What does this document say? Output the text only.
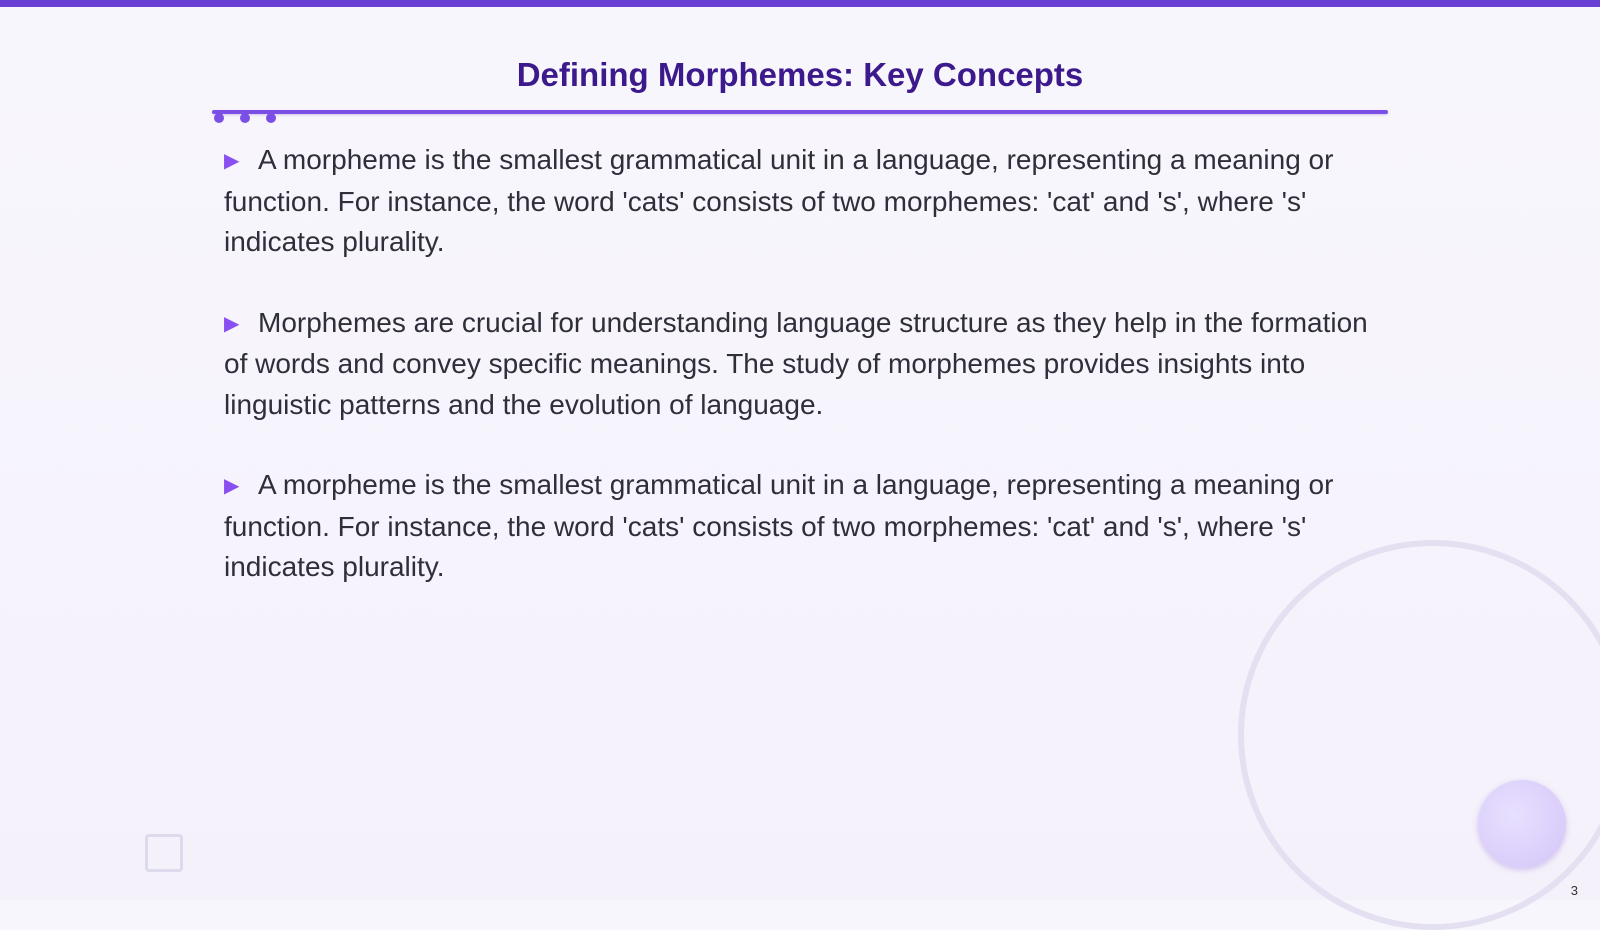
Defining Morphemes: Key Concepts

▶ A morpheme is the smallest grammatical unit in a language, representing a meaning or function. For instance, the word 'cats' consists of two morphemes: 'cat' and 's', where 's' indicates plurality.

▶ Morphemes are crucial for understanding language structure as they help in the formation of words and convey specific meanings. The study of morphemes provides insights into linguistic patterns and the evolution of language.

▶ A morpheme is the smallest grammatical unit in a language, representing a meaning or function. For instance, the word 'cats' consists of two morphemes: 'cat' and 's', where 's' indicates plurality.

3
